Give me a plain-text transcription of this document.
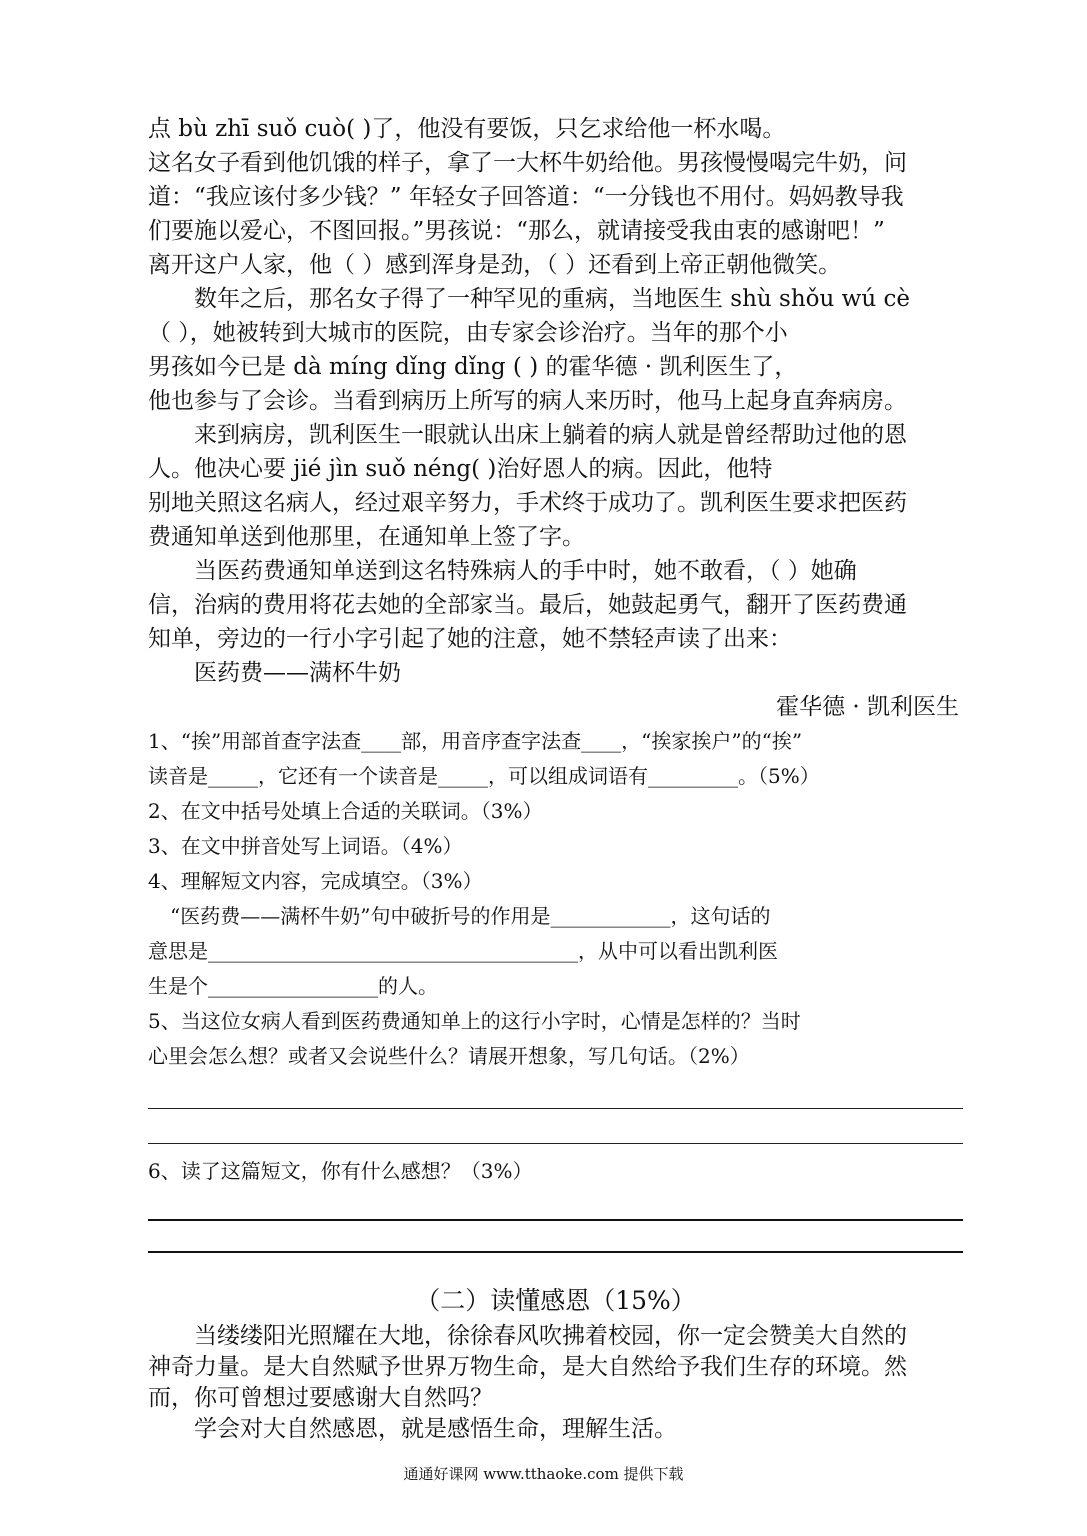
点 bù zhī suǒ cuò( )了，他没有要饭，只乞求给他一杯水喝。
这名女子看到他饥饿的样子，拿了一大杯牛奶给他。男孩慢慢喝完牛奶，问
道：“我应该付多少钱？” 年轻女子回答道：“一分钱也不用付。妈妈教导我
们要施以爱心，不图回报。”男孩说：“那么，就请接受我由衷的感谢吧！”
离开这户人家，他（ ）感到浑身是劲，（ ）还看到上帝正朝他微笑。
数年之后，那名女子得了一种罕见的重病，当地医生 shù shǒu wú cè
（ ），她被转到大城市的医院，由专家会诊治疗。当年的那个小
男孩如今已是 dà míng dǐng dǐng ( ) 的霍华德 · 凯利医生了，
他也参与了会诊。当看到病历上所写的病人来历时，他马上起身直奔病房。
来到病房，凯利医生一眼就认出床上躺着的病人就是曾经帮助过他的恩
人。他决心要 jié jìn suǒ néng( )治好恩人的病。因此，他特
别地关照这名病人，经过艰辛努力，手术终于成功了。凯利医生要求把医药
费通知单送到他那里，在通知单上签了字。
当医药费通知单送到这名特殊病人的手中时，她不敢看，（ ）她确
信，治病的费用将花去她的全部家当。最后，她鼓起勇气，翻开了医药费通
知单，旁边的一行小字引起了她的注意，她不禁轻声读了出来：
医药费——满杯牛奶
霍华德 · 凯利医生
1、“挨”用部首查字法查____部，用音序查字法查____，“挨家挨户”的“挨”
读音是_____，它还有一个读音是_____，可以组成词语有_________。（5%）
2、在文中括号处填上合适的关联词。（3%）
3、在文中拼音处写上词语。（4%）
4、理解短文内容，完成填空。（3%）
“医药费——满杯牛奶”句中破折号的作用是____________，这句话的
意思是_____________________________________，从中可以看出凯利医
生是个_________________的人。
5、当这位女病人看到医药费通知单上的这行小字时，心情是怎样的？当时
心里会怎么想？或者又会说些什么？请展开想象，写几句话。（2%）
6、读了这篇短文，你有什么感想？（3%）
（二）读懂感恩（15%）
当缕缕阳光照耀在大地，徐徐春风吹拂着校园，你一定会赞美大自然的
神奇力量。是大自然赋予世界万物生命，是大自然给予我们生存的环境。然
而，你可曾想过要感谢大自然吗？
学会对大自然感恩，就是感悟生命，理解生活。
通通好课网 www.tthaoke.com 提供下载
